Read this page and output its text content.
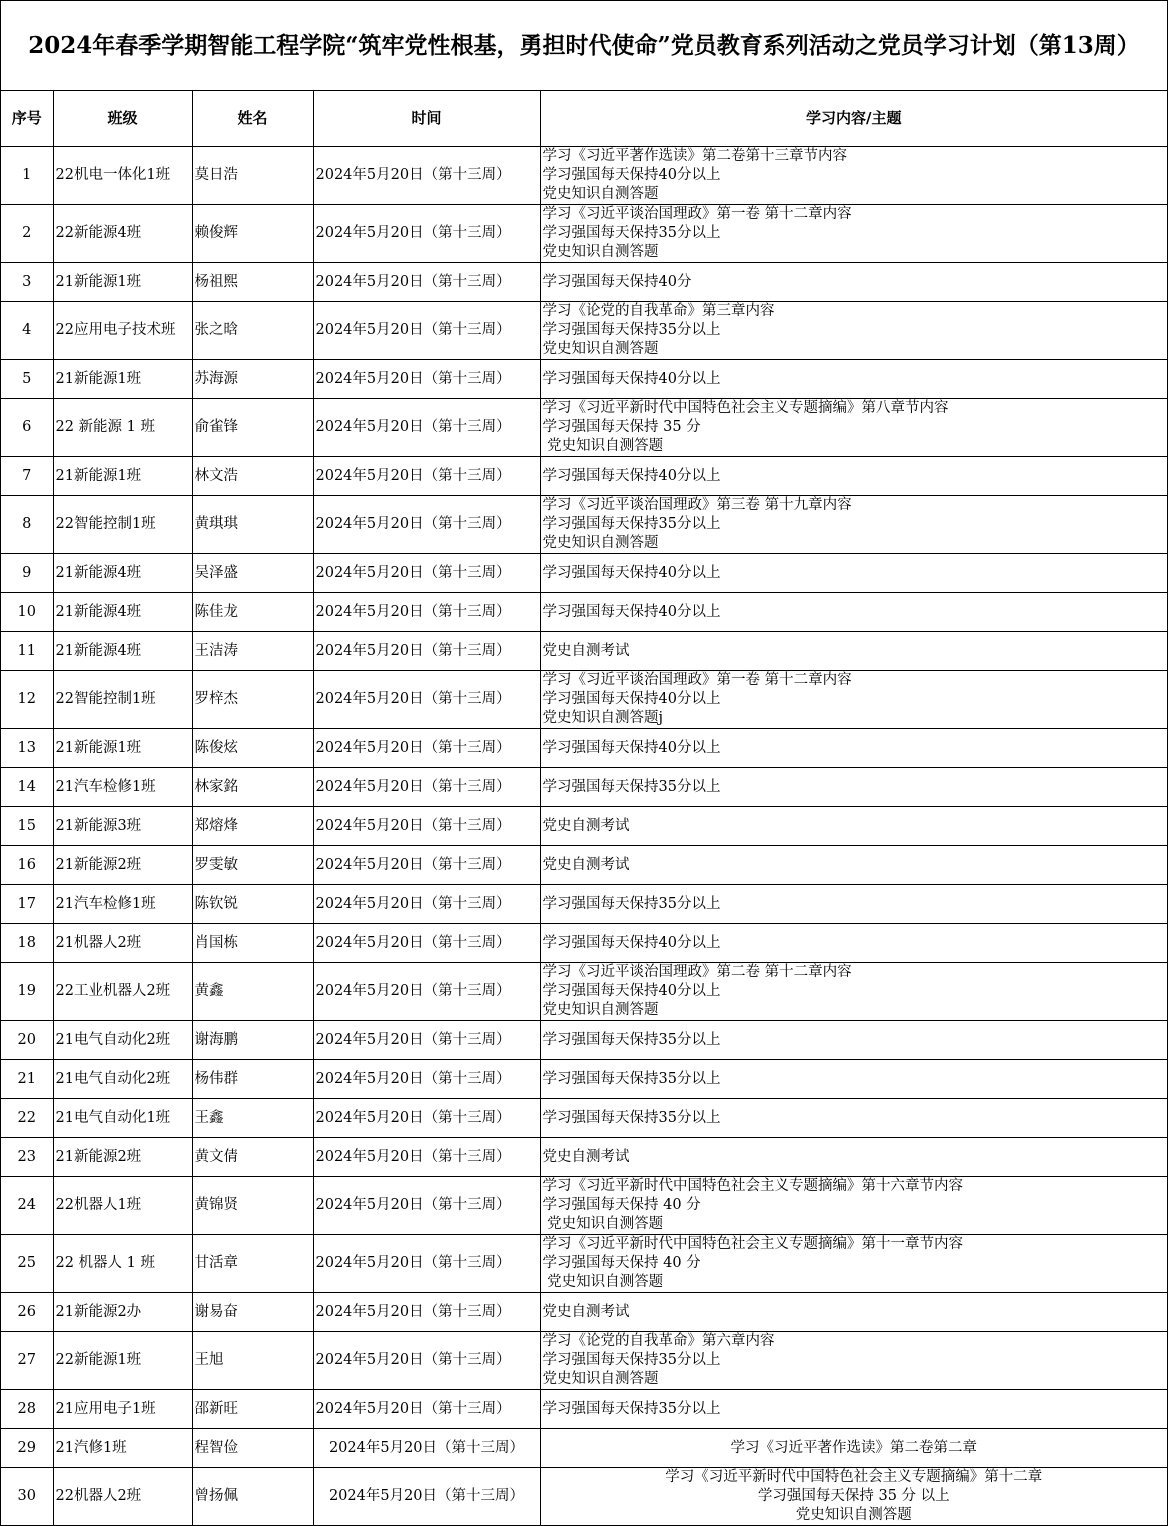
2024年春季学期智能工程学院“筑牢党性根基，勇担时代使命”党员教育系列活动之党员学习计划（第13周）
序号	班级	姓名	时间	学习内容/主题
1	22机电一体化1班	莫日浩	2024年5月20日（第十三周）	学习《习近平著作选读》第二卷第十三章节内容
学习强国每天保持40分以上
党史知识自测答题

2	22新能源4班	赖俊辉	2024年5月20日（第十三周）	学习《习近平谈治国理政》第一卷 第十二章内容
学习强国每天保持35分以上
党史知识自测答题

3	21新能源1班	杨祖熙	2024年5月20日（第十三周）	学习强国每天保持40分

4	22应用电子技术班	张之晗	2024年5月20日（第十三周）	学习《论党的自我革命》第三章内容
学习强国每天保持35分以上
党史知识自测答题

5	21新能源1班	苏海源	2024年5月20日（第十三周）	学习强国每天保持40分以上

6	22 新能源 1 班	俞雀锋	2024年5月20日（第十三周）	学习《习近平新时代中国特色社会主义专题摘编》第八章节内容
学习强国每天保持 35 分
党史知识自测答题

7	21新能源1班	林文浩	2024年5月20日（第十三周）	学习强国每天保持40分以上

8	22智能控制1班	黄琪琪	2024年5月20日（第十三周）	学习《习近平谈治国理政》第三卷 第十九章内容
学习强国每天保持35分以上
党史知识自测答题

9	21新能源4班	吴泽盛	2024年5月20日（第十三周）	学习强国每天保持40分以上

10	21新能源4班	陈佳龙	2024年5月20日（第十三周）	学习强国每天保持40分以上

11	21新能源4班	王洁涛	2024年5月20日（第十三周）	党史自测考试

12	22智能控制1班	罗梓杰	2024年5月20日（第十三周）	学习《习近平谈治国理政》第一卷 第十二章内容
学习强国每天保持40分以上
党史知识自测答题j

13	21新能源1班	陈俊炫	2024年5月20日（第十三周）	学习强国每天保持40分以上

14	21汽车检修1班	林家銘	2024年5月20日（第十三周）	学习强国每天保持35分以上

15	21新能源3班	郑熔烽	2024年5月20日（第十三周）	党史自测考试

16	21新能源2班	罗雯敏	2024年5月20日（第十三周）	党史自测考试

17	21汽车检修1班	陈钦锐	2024年5月20日（第十三周）	学习强国每天保持35分以上

18	21机器人2班	肖国栋	2024年5月20日（第十三周）	学习强国每天保持40分以上

19	22工业机器人2班	黄鑫	2024年5月20日（第十三周）	学习《习近平谈治国理政》第二卷 第十二章内容
学习强国每天保持40分以上
党史知识自测答题

20	21电气自动化2班	谢海鹏	2024年5月20日（第十三周）	学习强国每天保持35分以上

21	21电气自动化2班	杨伟群	2024年5月20日（第十三周）	学习强国每天保持35分以上

22	21电气自动化1班	王鑫	2024年5月20日（第十三周）	学习强国每天保持35分以上

23	21新能源2班	黄文倩	2024年5月20日（第十三周）	党史自测考试

24	22机器人1班	黄锦贤	2024年5月20日（第十三周）	学习《习近平新时代中国特色社会主义专题摘编》第十六章节内容
学习强国每天保持 40 分
党史知识自测答题

25	22 机器人 1 班	甘活章	2024年5月20日（第十三周）	学习《习近平新时代中国特色社会主义专题摘编》第十一章节内容
学习强国每天保持 40 分
党史知识自测答题

26	21新能源2办	谢易奋	2024年5月20日（第十三周）	党史自测考试

27	22新能源1班	王旭	2024年5月20日（第十三周）	学习《论党的自我革命》第六章内容
学习强国每天保持35分以上
党史知识自测答题

28	21应用电子1班	邵新旺	2024年5月20日（第十三周）	学习强国每天保持35分以上

29	21汽修1班	程智俭	2024年5月20日（第十三周）	学习《习近平著作选读》第二卷第二章

30	22机器人2班	曾扬佩	2024年5月20日（第十三周）	学习《习近平新时代中国特色社会主义专题摘编》第十二章
学习强国每天保持 35 分 以上
党史知识自测答题
